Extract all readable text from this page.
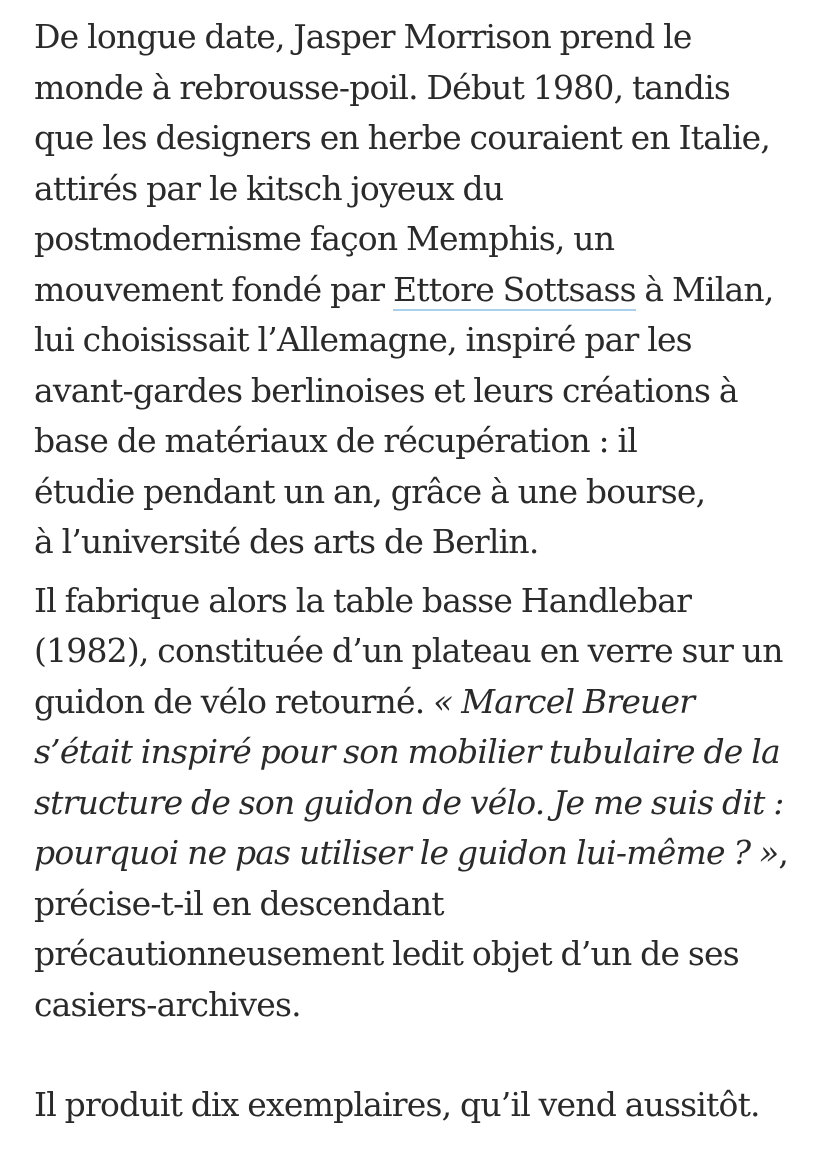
De longue date, Jasper Morrison prend le
monde à rebrousse-poil. Début 1980, tandis
que les designers en herbe couraient en Italie,
attirés par le kitsch joyeux du
postmodernisme façon Memphis, un
mouvement fondé par Ettore Sottsass à Milan,
lui choisissait l’Allemagne, inspiré par les
avant-gardes berlinoises et leurs créations à
base de matériaux de récupération : il
étudie pendant un an, grâce à une bourse,
à l’université des arts de Berlin.

Il fabrique alors la table basse Handlebar
(1982), constituée d’un plateau en verre sur un
guidon de vélo retourné. « Marcel Breuer
s’était inspiré pour son mobilier tubulaire de la
structure de son guidon de vélo. Je me suis dit :
pourquoi ne pas utiliser le guidon lui-même ? »,
précise-t-il en descendant
précautionneusement ledit objet d’un de ses
casiers-archives.

Il produit dix exemplaires, qu’il vend aussitôt.
